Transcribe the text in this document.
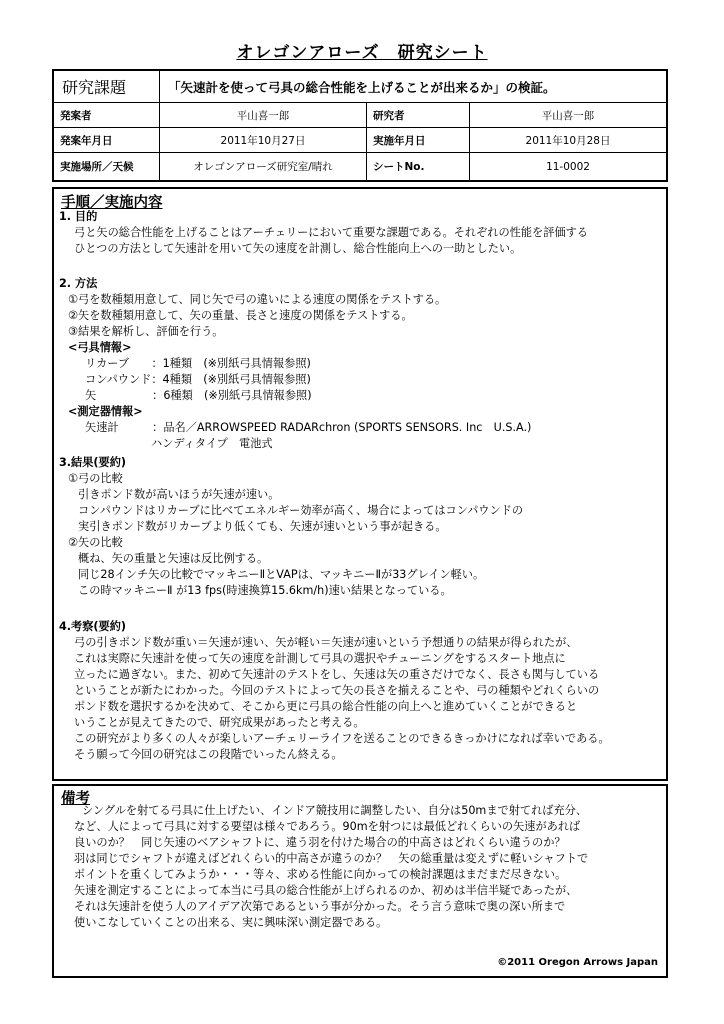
オレゴンアローズ　研究シート
研究課題	「矢速計を使って弓具の総合性能を上げることが出来るか」の検証。
発案者	平山喜一郎	研究者	平山喜一郎
発案年月日	2011年10月27日	実施年月日	2011年10月28日
実施場所／天候	オレゴンアローズ研究室/晴れ	シートNo.	11-0002
手順／実施内容
1. 目的
弓と矢の総合性能を上げることはアーチェリーにおいて重要な課題である。それぞれの性能を評価する
ひとつの方法として矢速計を用いて矢の速度を計測し、総合性能向上への一助としたい。
2. 方法
①弓を数種類用意して、同じ矢で弓の違いによる速度の関係をテストする。
②矢を数種類用意して、矢の重量、長さと速度の関係をテストする。
③結果を解析し、評価を行う。
<弓具情報>
リカーブ　　：1種類　(※別紙弓具情報参照)
コンパウンド：4種類　(※別紙弓具情報参照)
矢　　　　　：6種類　(※別紙弓具情報参照)
<測定器情報>
矢速計　　　：品名／ARROWSPEED RADARchron (SPORTS SENSORS. Inc　U.S.A.)
ハンディタイプ　電池式
3.結果(要約)
①弓の比較
引きポンド数が高いほうが矢速が速い。
コンパウンドはリカーブに比べてエネルギー効率が高く、場合によってはコンパウンドの
実引きポンド数がリカーブより低くても、矢速が速いという事が起きる。
②矢の比較
概ね、矢の重量と矢速は反比例する。
同じ28インチ矢の比較でマッキニーⅡとVAPは、マッキニーⅡが33グレイン軽い。
この時マッキニーⅡ が13 fps(時速換算15.6km/h)速い結果となっている。
4.考察(要約)
弓の引きポンド数が重い＝矢速が速い、矢が軽い＝矢速が速いという予想通りの結果が得られたが、
これは実際に矢速計を使って矢の速度を計測して弓具の選択やチューニングをするスタート地点に
立ったに過ぎない。また、初めて矢速計のテストをし、矢速は矢の重さだけでなく、長さも関与している
ということが新たにわかった。今回のテストによって矢の長さを揃えることや、弓の種類やどれくらいの
ポンド数を選択するかを決めて、そこから更に弓具の総合性能の向上へと進めていくことができると
いうことが見えてきたので、研究成果があったと考える。
この研究がより多くの人々が楽しいアーチェリーライフを送ることのできるきっかけになれば幸いである。
そう願って今回の研究はこの段階でいったん終える。
備考
シングルを射てる弓具に仕上げたい、インドア競技用に調整したい、自分は50mまで射てれば充分、
など、人によって弓具に対する要望は様々であろう。90mを射つには最低どれくらいの矢速があれば
良いのか？　同じ矢速のベアシャフトに、違う羽を付けた場合の的中高さはどれくらい違うのか？
羽は同じでシャフトが違えばどれくらい的中高さが違うのか？　矢の総重量は変えずに軽いシャフトで
ポイントを重くしてみようか・・・等々、求める性能に向かっての検討課題はまだまだ尽きない。
矢速を測定することによって本当に弓具の総合性能が上げられるのか、初めは半信半疑であったが、
それは矢速計を使う人のアイデア次第であるという事が分かった。そう言う意味で奥の深い所まで
使いこなしていくことの出来る、実に興味深い測定器である。
©2011 Oregon Arrows Japan
